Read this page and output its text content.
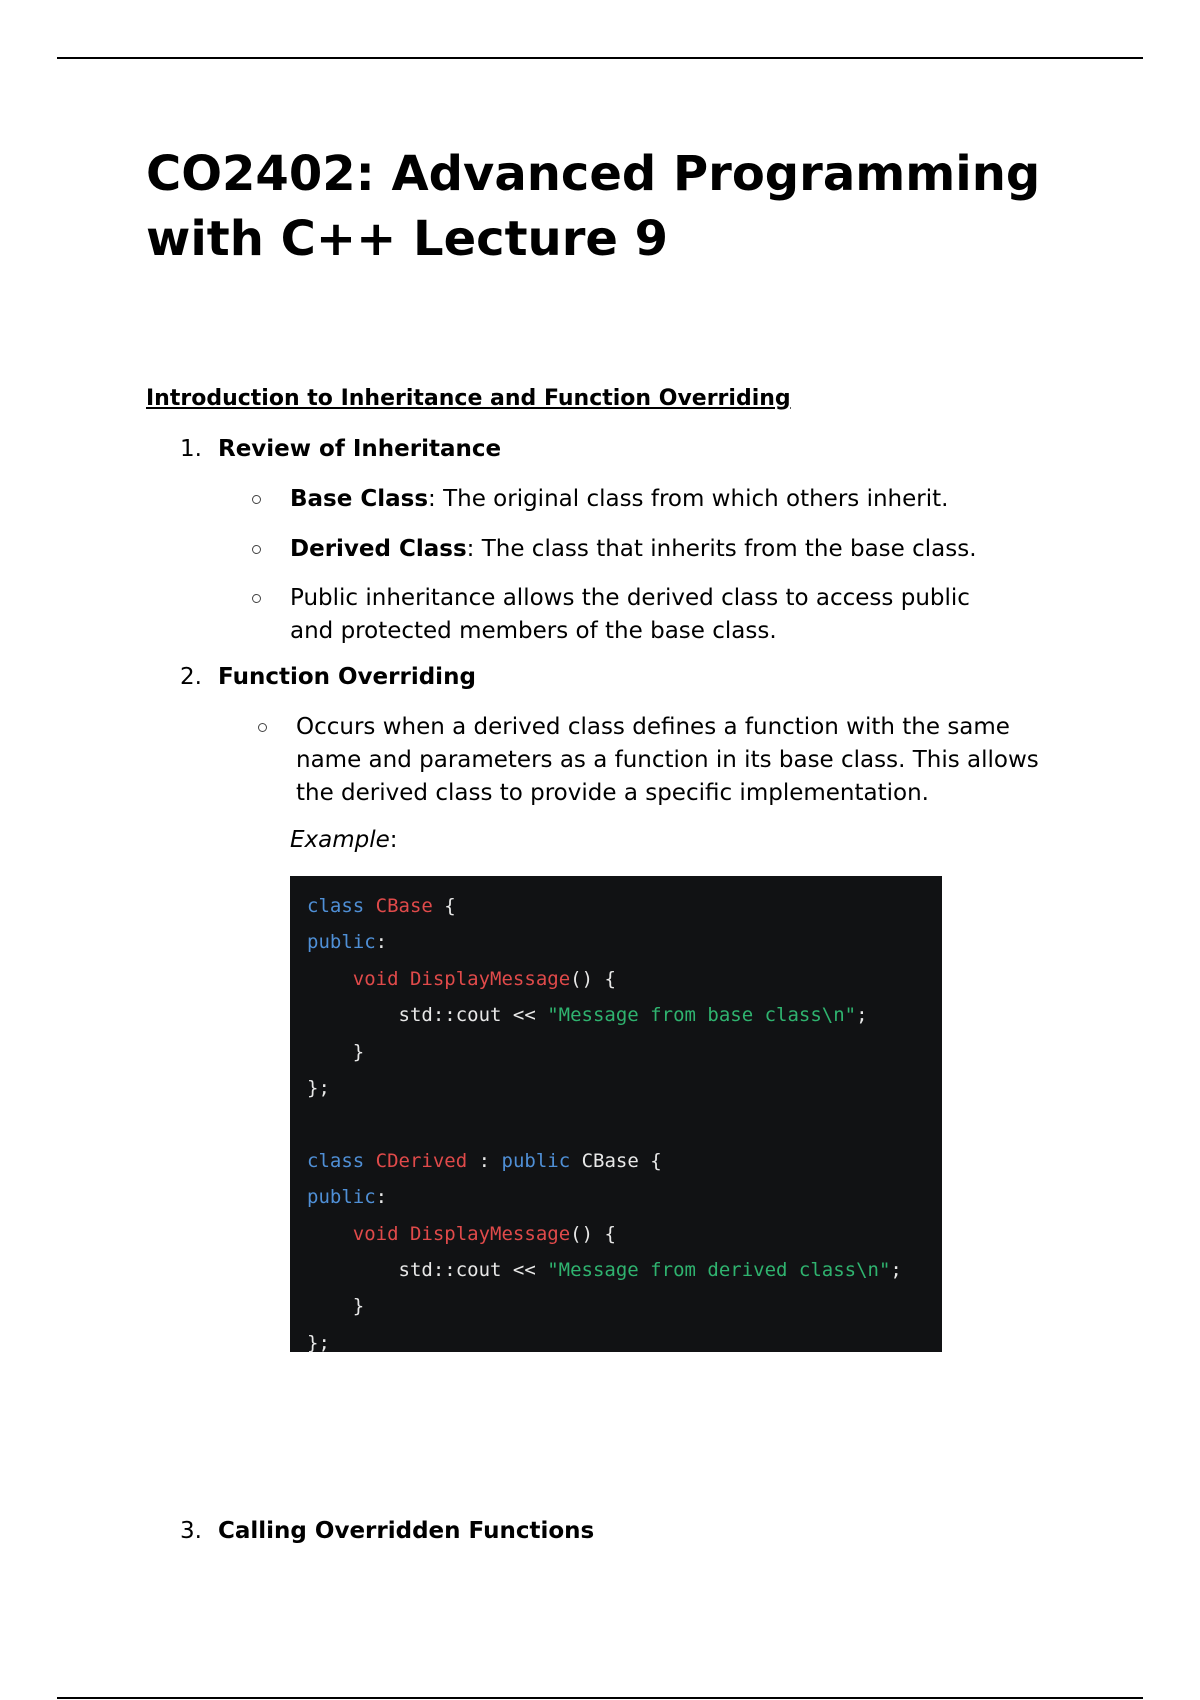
CO2402: Advanced Programming with C++ Lecture 9
Introduction to Inheritance and Function Overriding
1. Review of Inheritance
Base Class: The original class from which others inherit.
Derived Class: The class that inherits from the base class.
Public inheritance allows the derived class to access public and protected members of the base class.
2. Function Overriding
Occurs when a derived class defines a function with the same name and parameters as a function in its base class. This allows the derived class to provide a specific implementation.
Example:
class CBase {
public:
void DisplayMessage() {
std::cout << "Message from base class\n";
}
};

class CDerived : public CBase {
public:
void DisplayMessage() {
std::cout << "Message from derived class\n";
}
};
3. Calling Overridden Functions
